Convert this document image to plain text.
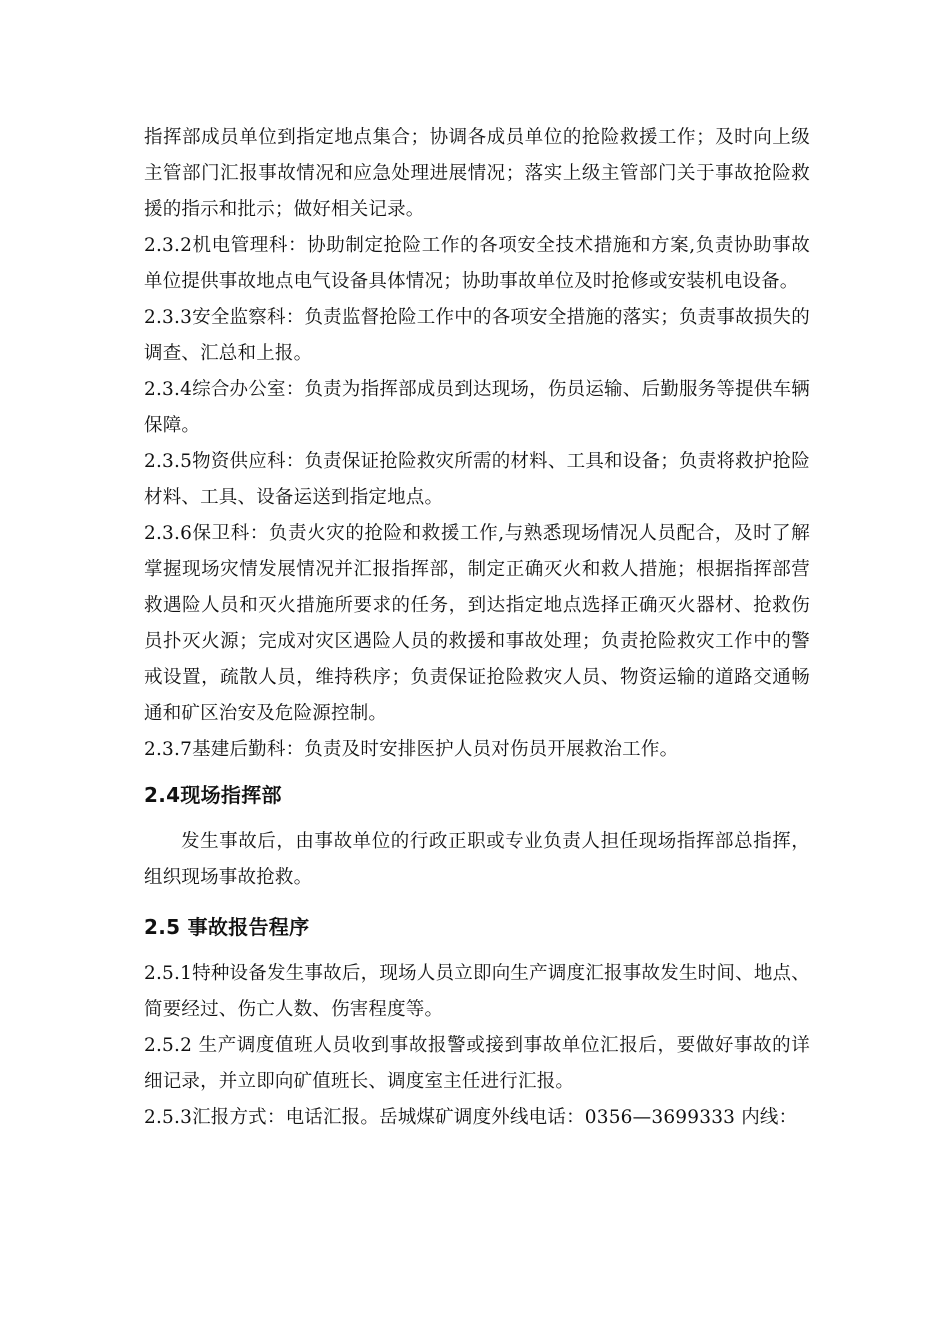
指挥部成员单位到指定地点集合；协调各成员单位的抢险救援工作；及时向上级主管部门汇报事故情况和应急处理进展情况；落实上级主管部门关于事故抢险救援的指示和批示；做好相关记录。

2.3.2机电管理科：协助制定抢险工作的各项安全技术措施和方案,负责协助事故单位提供事故地点电气设备具体情况；协助事故单位及时抢修或安装机电设备。

2.3.3安全监察科：负责监督抢险工作中的各项安全措施的落实；负责事故损失的调查、汇总和上报。

2.3.4综合办公室：负责为指挥部成员到达现场，伤员运输、后勤服务等提供车辆保障。

2.3.5物资供应科：负责保证抢险救灾所需的材料、工具和设备；负责将救护抢险材料、工具、设备运送到指定地点。

2.3.6保卫科：负责火灾的抢险和救援工作,与熟悉现场情况人员配合，及时了解掌握现场灾情发展情况并汇报指挥部，制定正确灭火和救人措施；根据指挥部营救遇险人员和灭火措施所要求的任务，到达指定地点选择正确灭火器材、抢救伤员扑灭火源；完成对灾区遇险人员的救援和事故处理；负责抢险救灾工作中的警戒设置，疏散人员，维持秩序；负责保证抢险救灾人员、物资运输的道路交通畅通和矿区治安及危险源控制。

2.3.7基建后勤科：负责及时安排医护人员对伤员开展救治工作。

2.4现场指挥部

发生事故后，由事故单位的行政正职或专业负责人担任现场指挥部总指挥，组织现场事故抢救。

2.5 事故报告程序

2.5.1特种设备发生事故后，现场人员立即向生产调度汇报事故发生时间、地点、简要经过、伤亡人数、伤害程度等。

2.5.2 生产调度值班人员收到事故报警或接到事故单位汇报后，要做好事故的详细记录，并立即向矿值班长、调度室主任进行汇报。

2.5.3汇报方式：电话汇报。岳城煤矿调度外线电话：0356—3699333 内线：
